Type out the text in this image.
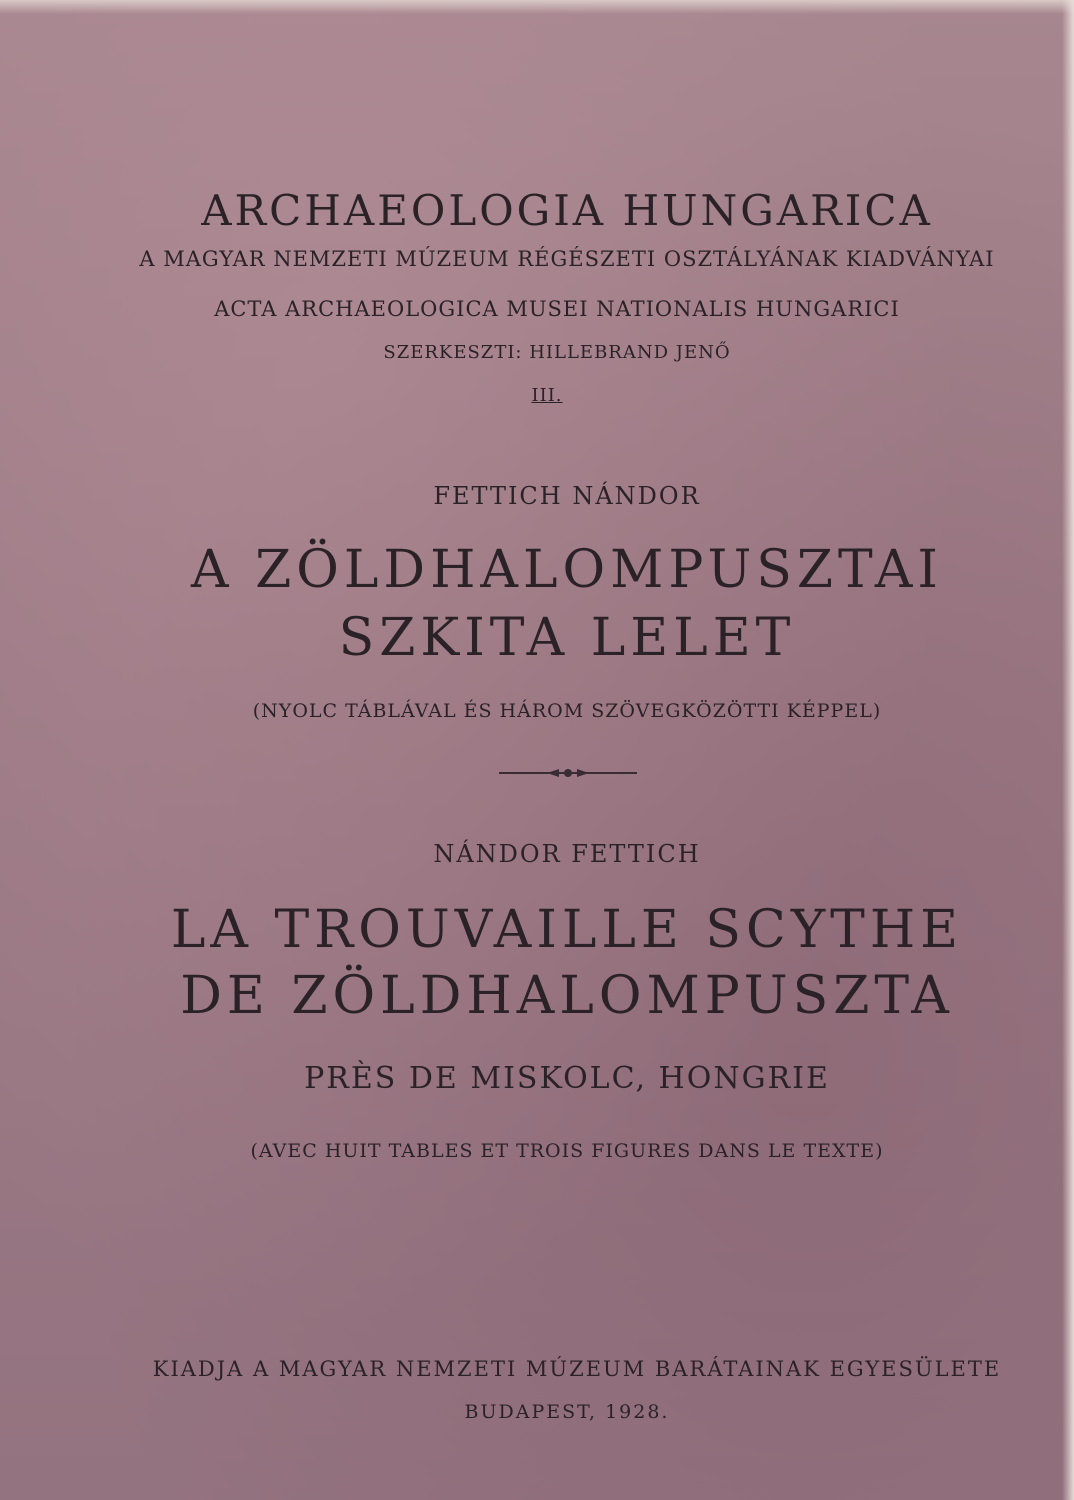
ARCHAEOLOGIA HUNGARICA
A MAGYAR NEMZETI MÚZEUM RÉGÉSZETI OSZTÁLYÁNAK KIADVÁNYAI
ACTA ARCHAEOLOGICA MUSEI NATIONALIS HUNGARICI
SZERKESZTI: HILLEBRAND JENŐ
III.
FETTICH NÁNDOR
A ZÖLDHALOMPUSZTAI
SZKITA LELET
(NYOLC TÁBLÁVAL ÉS HÁROM SZÖVEGKÖZÖTTI KÉPPEL)
NÁNDOR FETTICH
LA TROUVAILLE SCYTHE
DE ZÖLDHALOMPUSZTA
PRÈS DE MISKOLC, HONGRIE
(AVEC HUIT TABLES ET TROIS FIGURES DANS LE TEXTE)
KIADJA A MAGYAR NEMZETI MÚZEUM BARÁTAINAK EGYESÜLETE
BUDAPEST, 1928.
